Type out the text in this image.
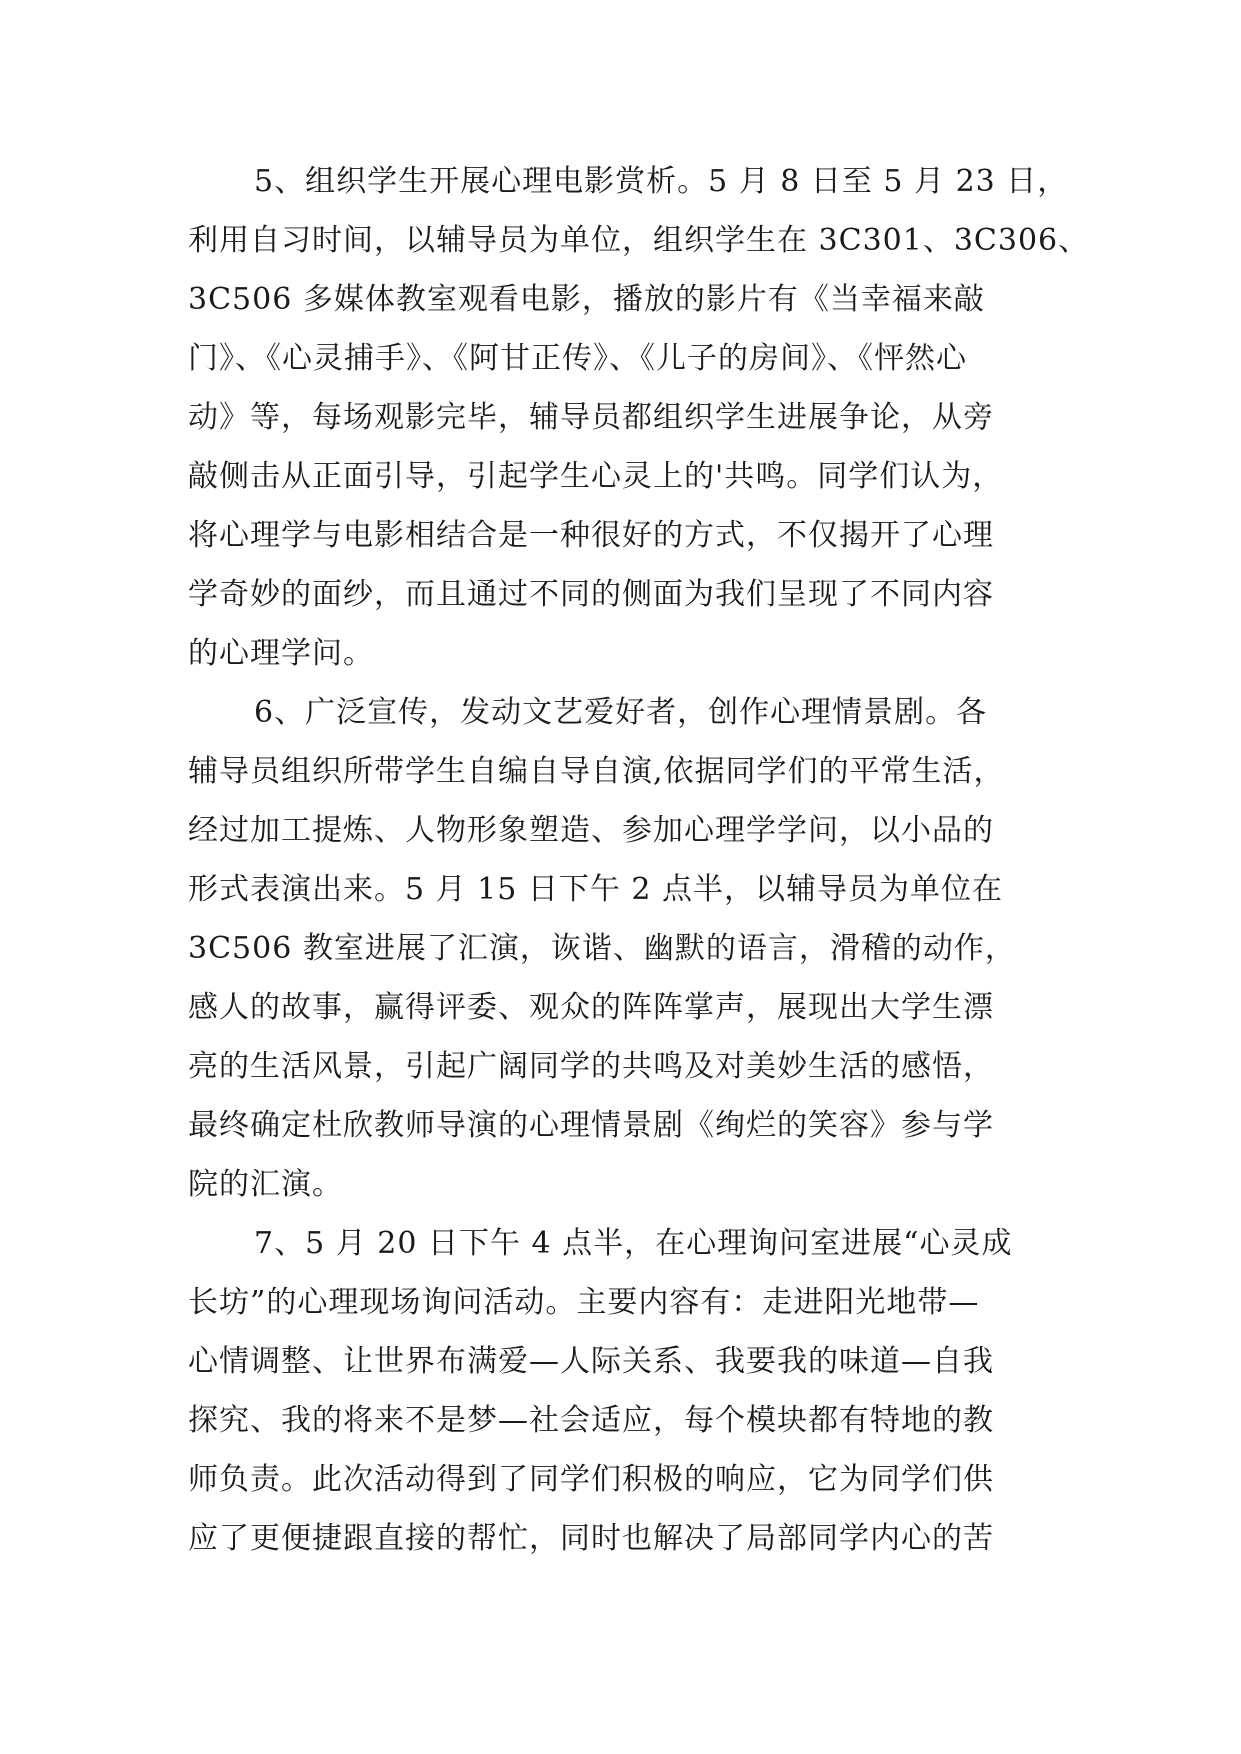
5、组织学生开展心理电影赏析。5 月 8 日至 5 月 23 日，
利用自习时间，以辅导员为单位，组织学生在 3C301、3C306、
3C506 多媒体教室观看电影，播放的影片有《当幸福来敲
门》、《心灵捕手》、《阿甘正传》、《儿子的房间》、《怦然心
动》等，每场观影完毕，辅导员都组织学生进展争论，从旁
敲侧击从正面引导，引起学生心灵上的'共鸣。同学们认为，
将心理学与电影相结合是一种很好的方式，不仅揭开了心理
学奇妙的面纱，而且通过不同的侧面为我们呈现了不同内容
的心理学问。
6、广泛宣传，发动文艺爱好者，创作心理情景剧。各
辅导员组织所带学生自编自导自演,依据同学们的平常生活，
经过加工提炼、人物形象塑造、参加心理学学问，以小品的
形式表演出来。5 月 15 日下午 2 点半，以辅导员为单位在
3C506 教室进展了汇演，诙谐、幽默的语言，滑稽的动作，
感人的故事，赢得评委、观众的阵阵掌声，展现出大学生漂
亮的生活风景，引起广阔同学的共鸣及对美妙生活的感悟，
最终确定杜欣教师导演的心理情景剧《绚烂的笑容》参与学
院的汇演。
7、5 月 20 日下午 4 点半，在心理询问室进展“心灵成
长坊”的心理现场询问活动。主要内容有：走进阳光地带—
心情调整、让世界布满爱—人际关系、我要我的味道—自我
探究、我的将来不是梦—社会适应，每个模块都有特地的教
师负责。此次活动得到了同学们积极的响应，它为同学们供
应了更便捷跟直接的帮忙，同时也解决了局部同学内心的苦
